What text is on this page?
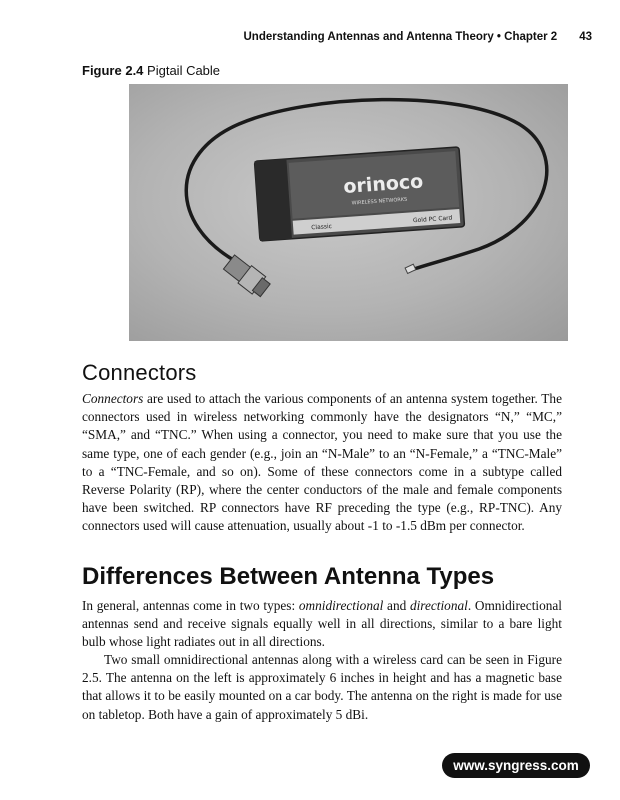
Understanding Antennas and Antenna Theory • Chapter 2 43
Figure 2.4 Pigtail Cable
orinoco
WIRELESS NETWORKS
Classic
Gold PC Card
Connectors

Connectors are used to attach the various components of an antenna system together. The connectors used in wireless networking commonly have the designators “N,” “MC,” “SMA,” and “TNC.” When using a connector, you need to make sure that you use the same type, one of each gender (e.g., join an “N-Male” to an “N-Female,” a “TNC-Male” to a “TNC-Female, and so on). Some of these connectors come in a subtype called Reverse Polarity (RP), where the center conductors of the male and female components have been switched. RP connectors have RF preceding the type (e.g., RP-TNC). Any connectors used will cause attenuation, usually about -1 to -1.5 dBm per connector.

Differences Between Antenna Types

In general, antennas come in two types: omnidirectional and directional. Omnidirectional antennas send and receive signals equally well in all directions, similar to a bare light bulb whose light radiates out in all directions.

Two small omnidirectional antennas along with a wireless card can be seen in Figure 2.5. The antenna on the left is approximately 6 inches in height and has a magnetic base that allows it to be easily mounted on a car body. The antenna on the right is made for use on tabletop. Both have a gain of approximately 5 dBi.

www.syngress.com
